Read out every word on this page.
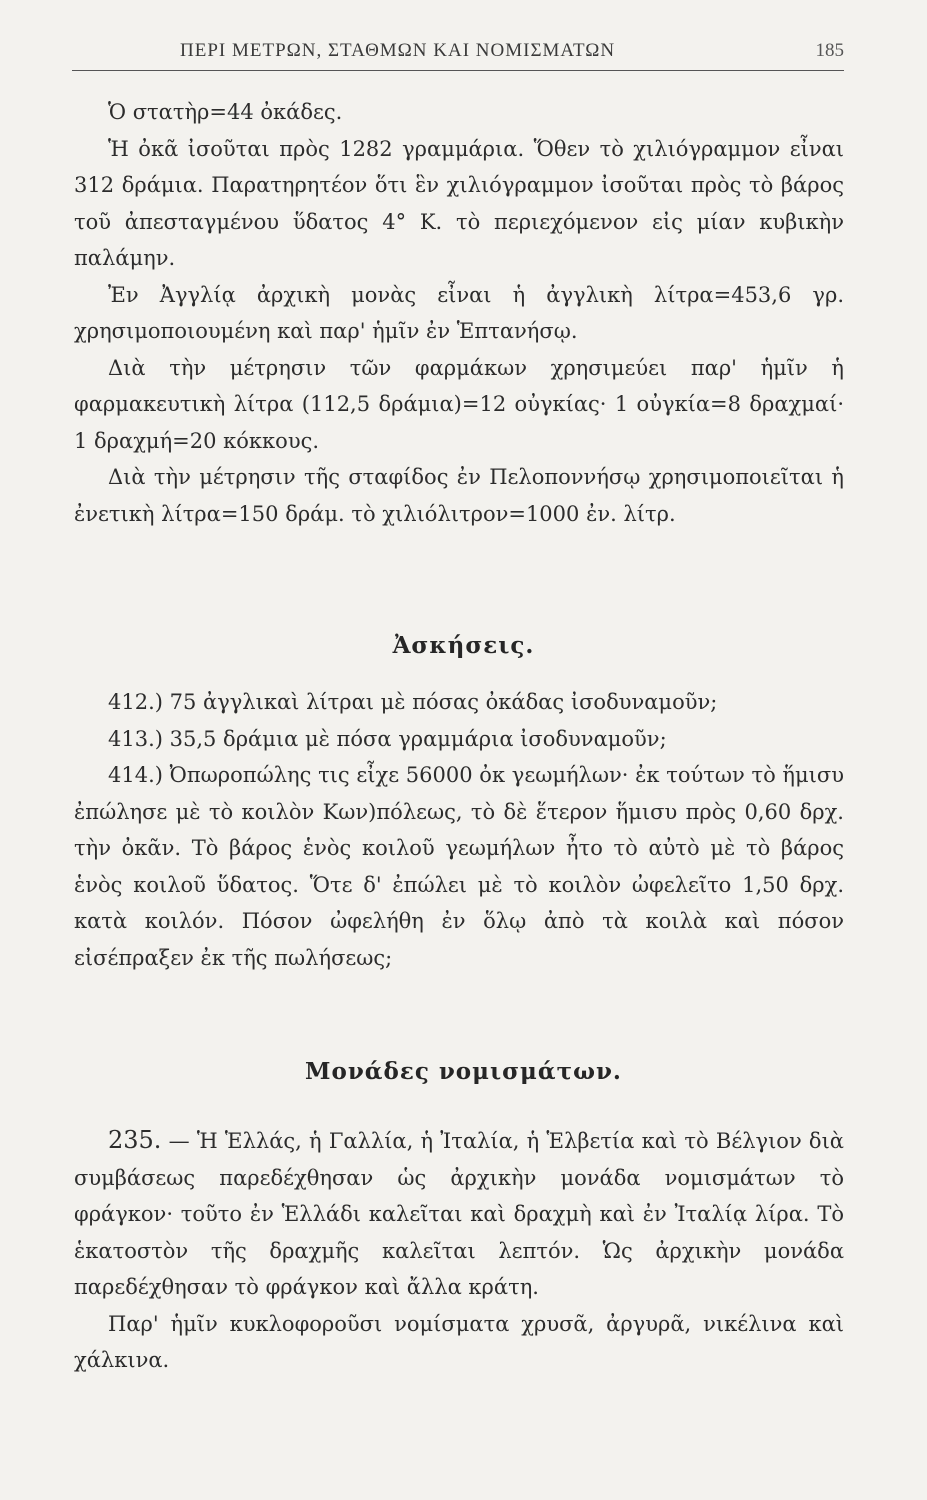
ΠΕΡΙ ΜΕΤΡΩΝ, ΣΤΑΘΜΩΝ ΚΑΙ ΝΟΜΙΣΜΑΤΩΝ	185

Ὁ στατὴρ=44 ὀκάδες.

Ἡ ὀκᾶ ἰσοῦται πρὸς 1282 γραμμάρια. Ὅθεν τὸ χιλιόγραμμον εἶναι 312 δράμια. Παρατηρητέον ὅτι ἓν χιλιόγραμμον ἰσοῦται πρὸς τὸ βάρος τοῦ ἀπεσταγμένου ὕδατος 4° Κ. τὸ περιεχόμενον εἰς μίαν κυβικὴν παλάμην.

Ἐν Ἀγγλίᾳ ἀρχικὴ μονὰς εἶναι ἡ ἀγγλικὴ λίτρα=453,6 γρ. χρησιμοποιουμένη καὶ παρ' ἡμῖν ἐν Ἑπτανήσῳ.

Διὰ τὴν μέτρησιν τῶν φαρμάκων χρησιμεύει παρ' ἡμῖν ἡ φαρμακευτικὴ λίτρα (112,5 δράμια)=12 οὐγκίας· 1 οὐγκία=8 δραχμαί· 1 δραχμή=20 κόκκους.

Διὰ τὴν μέτρησιν τῆς σταφίδος ἐν Πελοποννήσῳ χρησιμοποιεῖται ἡ ἐνετικὴ λίτρα=150 δράμ. τὸ χιλιόλιτρον=1000 ἐν. λίτρ.

Ἀσκήσεις.

412.) 75 ἀγγλικαὶ λίτραι μὲ πόσας ὀκάδας ἰσοδυναμοῦν;

413.) 35,5 δράμια μὲ πόσα γραμμάρια ἰσοδυναμοῦν;

414.) Ὀπωροπώλης τις εἶχε 56000 ὀκ γεωμήλων· ἐκ τούτων τὸ ἥμισυ ἐπώλησε μὲ τὸ κοιλὸν Κων)πόλεως, τὸ δὲ ἕτερον ἥμισυ πρὸς 0,60 δρχ. τὴν ὀκᾶν. Τὸ βάρος ἑνὸς κοιλοῦ γεωμήλων ἦτο τὸ αὐτὸ μὲ τὸ βάρος ἑνὸς κοιλοῦ ὕδατος. Ὅτε δ' ἐπώλει μὲ τὸ κοιλὸν ὠφελεῖτο 1,50 δρχ. κατὰ κοιλόν. Πόσον ὠφελήθη ἐν ὅλῳ ἀπὸ τὰ κοιλὰ καὶ πόσον εἰσέπραξεν ἐκ τῆς πωλήσεως;

Μονάδες νομισμάτων.

235. — Ἡ Ἑλλάς, ἡ Γαλλία, ἡ Ἰταλία, ἡ Ἑλβετία καὶ τὸ Βέλγιον διὰ συμβάσεως παρεδέχθησαν ὡς ἀρχικὴν μονάδα νομισμάτων τὸ φράγκον· τοῦτο ἐν Ἑλλάδι καλεῖται καὶ δραχμὴ καὶ ἐν Ἰταλίᾳ λίρα. Τὸ ἑκατοστὸν τῆς δραχμῆς καλεῖται λεπτόν. Ὡς ἀρχικὴν μονάδα παρεδέχθησαν τὸ φράγκον καὶ ἄλλα κράτη.

Παρ' ἡμῖν κυκλοφοροῦσι νομίσματα χρυσᾶ, ἀργυρᾶ, νικέλινα καὶ χάλκινα.
